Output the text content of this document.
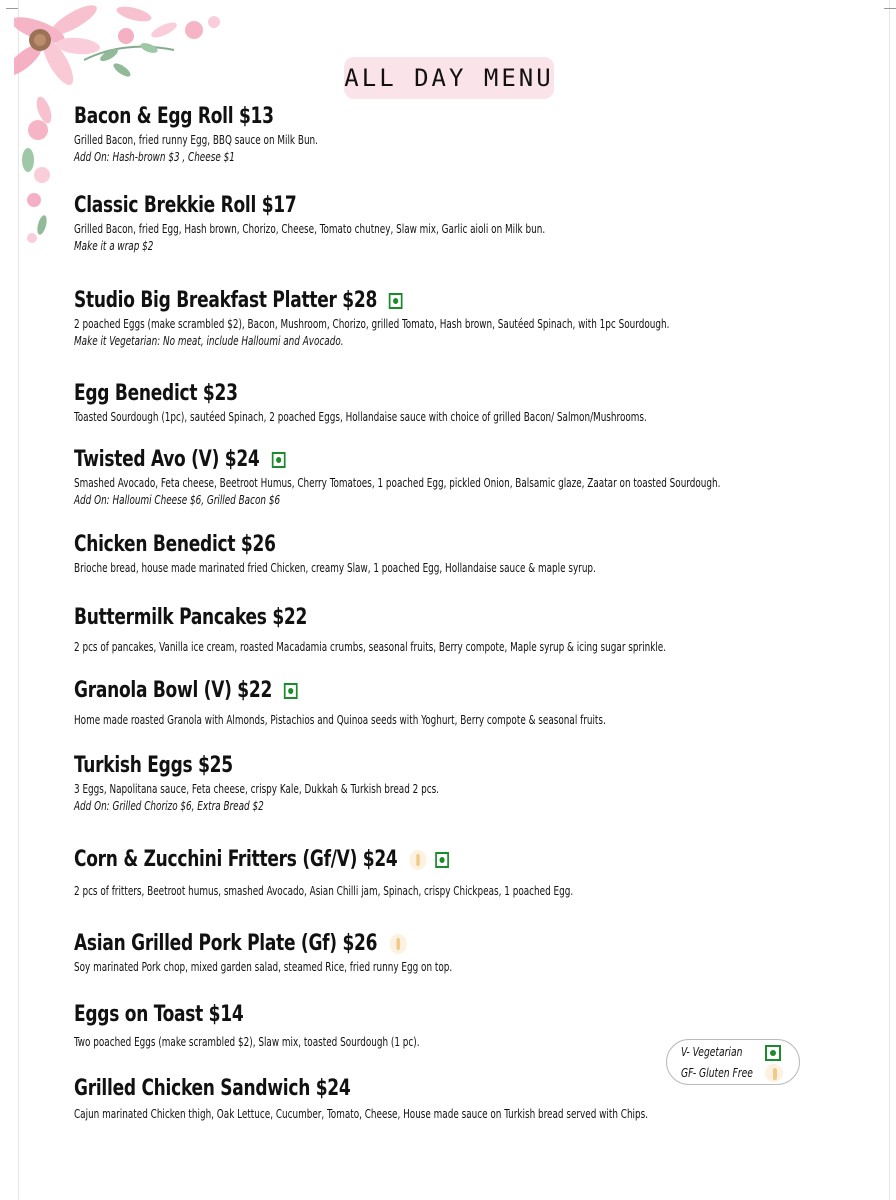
ALL DAY MENU
Bacon & Egg Roll $13
Grilled Bacon, fried runny Egg, BBQ sauce on Milk Bun.
Add On: Hash-brown $3 , Cheese $1
Classic Brekkie Roll $17
Grilled Bacon, fried Egg, Hash brown, Chorizo, Cheese, Tomato chutney, Slaw mix, Garlic aioli on Milk bun.
Make it a wrap $2
Studio Big Breakfast Platter $28
2 poached Eggs (make scrambled $2), Bacon, Mushroom, Chorizo, grilled Tomato, Hash brown, Sautéed Spinach, with 1pc Sourdough.
Make it Vegetarian: No meat, include Halloumi and Avocado.
Egg Benedict $23
Toasted Sourdough (1pc), sautéed Spinach, 2 poached Eggs, Hollandaise sauce with choice of grilled Bacon/ Salmon/Mushrooms.
Twisted Avo (V) $24
Smashed Avocado, Feta cheese, Beetroot Humus, Cherry Tomatoes, 1 poached Egg, pickled Onion, Balsamic glaze, Zaatar on toasted Sourdough.
Add On: Halloumi Cheese $6, Grilled Bacon $6
Chicken Benedict $26
Brioche bread, house made marinated fried Chicken, creamy Slaw, 1 poached Egg, Hollandaise sauce & maple syrup.
Buttermilk Pancakes $22
2 pcs of pancakes, Vanilla ice cream, roasted Macadamia crumbs, seasonal fruits, Berry compote, Maple syrup & icing sugar sprinkle.
Granola Bowl (V) $22
Home made roasted Granola with Almonds, Pistachios and Quinoa seeds with Yoghurt, Berry compote & seasonal fruits.
Turkish Eggs $25
3 Eggs, Napolitana sauce, Feta cheese, crispy Kale, Dukkah & Turkish bread 2 pcs.
Add On: Grilled Chorizo $6, Extra Bread $2
Corn & Zucchini Fritters (Gf/V) $24
2 pcs of fritters, Beetroot humus, smashed Avocado, Asian Chilli jam, Spinach, crispy Chickpeas, 1 poached Egg.
Asian Grilled Pork Plate (Gf) $26
Soy marinated Pork chop, mixed garden salad, steamed Rice, fried runny Egg on top.
Eggs on Toast $14
Two poached Eggs (make scrambled $2), Slaw mix, toasted Sourdough (1 pc).
Grilled Chicken Sandwich $24
Cajun marinated Chicken thigh, Oak Lettuce, Cucumber, Tomato, Cheese, House made sauce on Turkish bread served with Chips.
V- Vegetarian
GF- Gluten Free
